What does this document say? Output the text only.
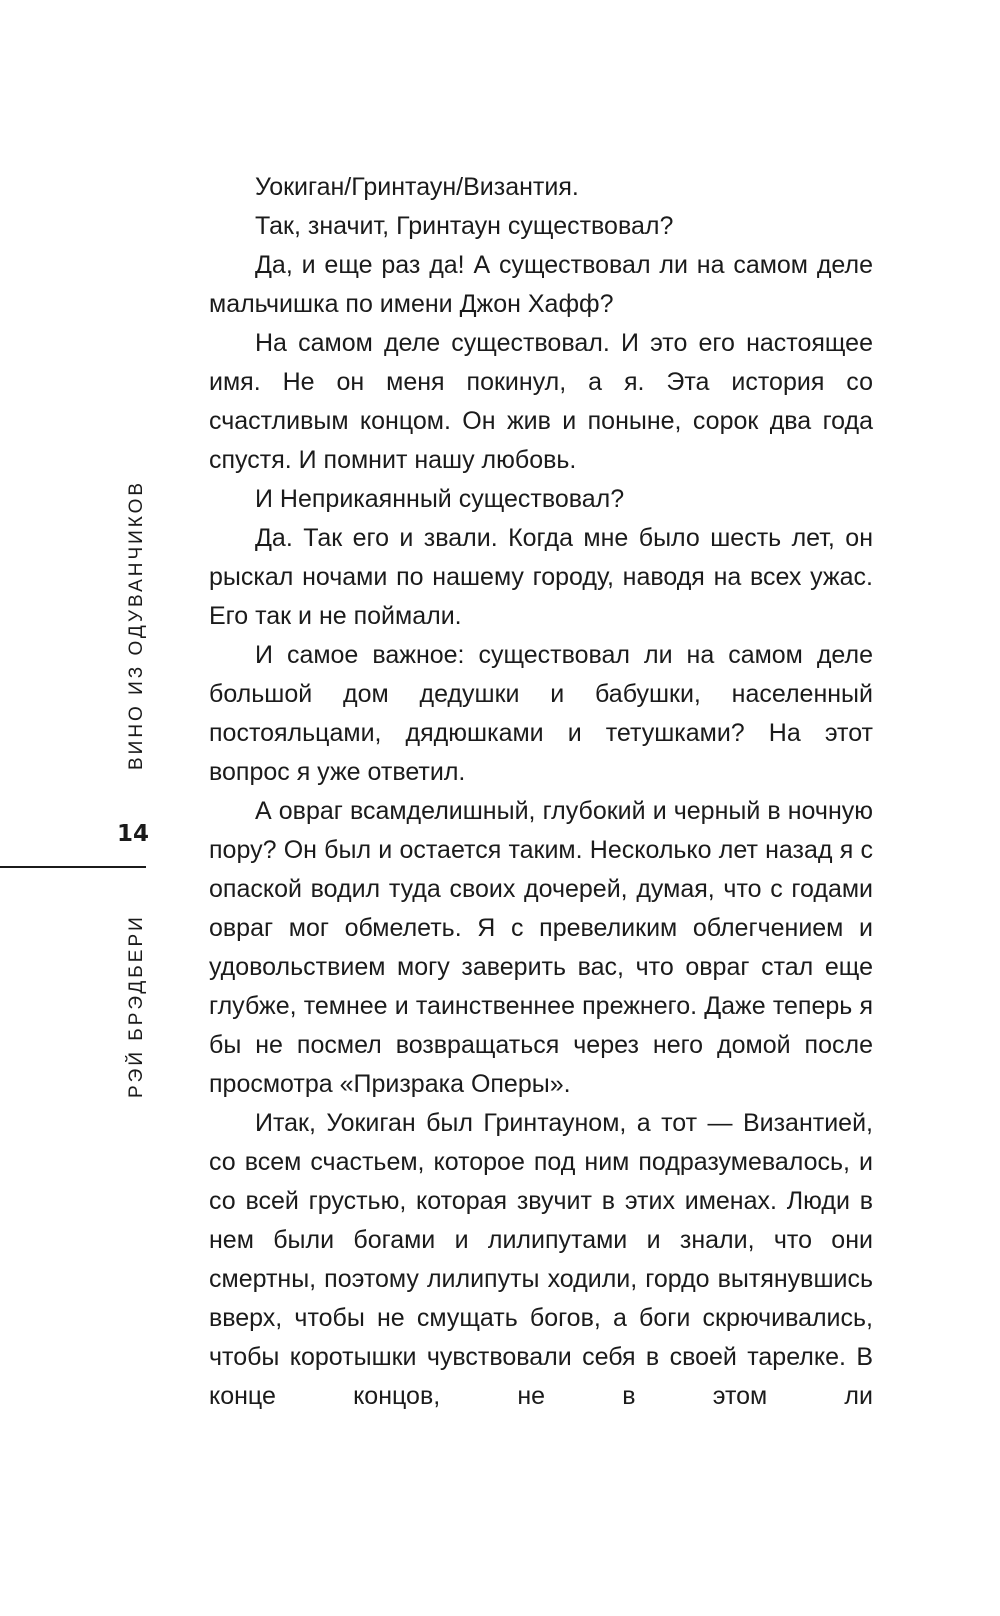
ВИНО ИЗ ОДУВАНЧИКОВ
14
РЭЙ БРЭДБЕРИ

Уокиган/Гринтаун/Византия.

Так, значит, Гринтаун существовал?

Да, и еще раз да! А существовал ли на самом деле мальчишка по имени Джон Хафф?

На самом деле существовал. И это его настоящее имя. Не он меня покинул, а я. Эта история со счастливым концом. Он жив и поныне, сорок два года спустя. И помнит нашу любовь.

И Неприкаянный существовал?

Да. Так его и звали. Когда мне было шесть лет, он рыскал ночами по нашему городу, наводя на всех ужас. Его так и не поймали.

И самое важное: существовал ли на самом деле большой дом дедушки и бабушки, населенный постояльцами, дядюшками и тетушками? На этот вопрос я уже ответил.

А овраг всамделишный, глубокий и черный в ночную пору? Он был и остается таким. Несколько лет назад я с опаской водил туда своих дочерей, думая, что с годами овраг мог обмелеть. Я с превеликим облегчением и удовольствием могу заверить вас, что овраг стал еще глубже, темнее и таинственнее прежнего. Даже теперь я бы не посмел возвращаться через него домой после просмотра «Призрака Оперы».

Итак, Уокиган был Гринтауном, а тот — Византией, со всем счастьем, которое под ним подразумевалось, и со всей грустью, которая звучит в этих именах. Люди в нем были богами и лилипутами и знали, что они смертны, поэтому лилипуты ходили, гордо вытянувшись вверх, чтобы не смущать богов, а боги скрючивались, чтобы коротышки чувствовали себя в своей тарелке. В конце концов, не в этом ли
